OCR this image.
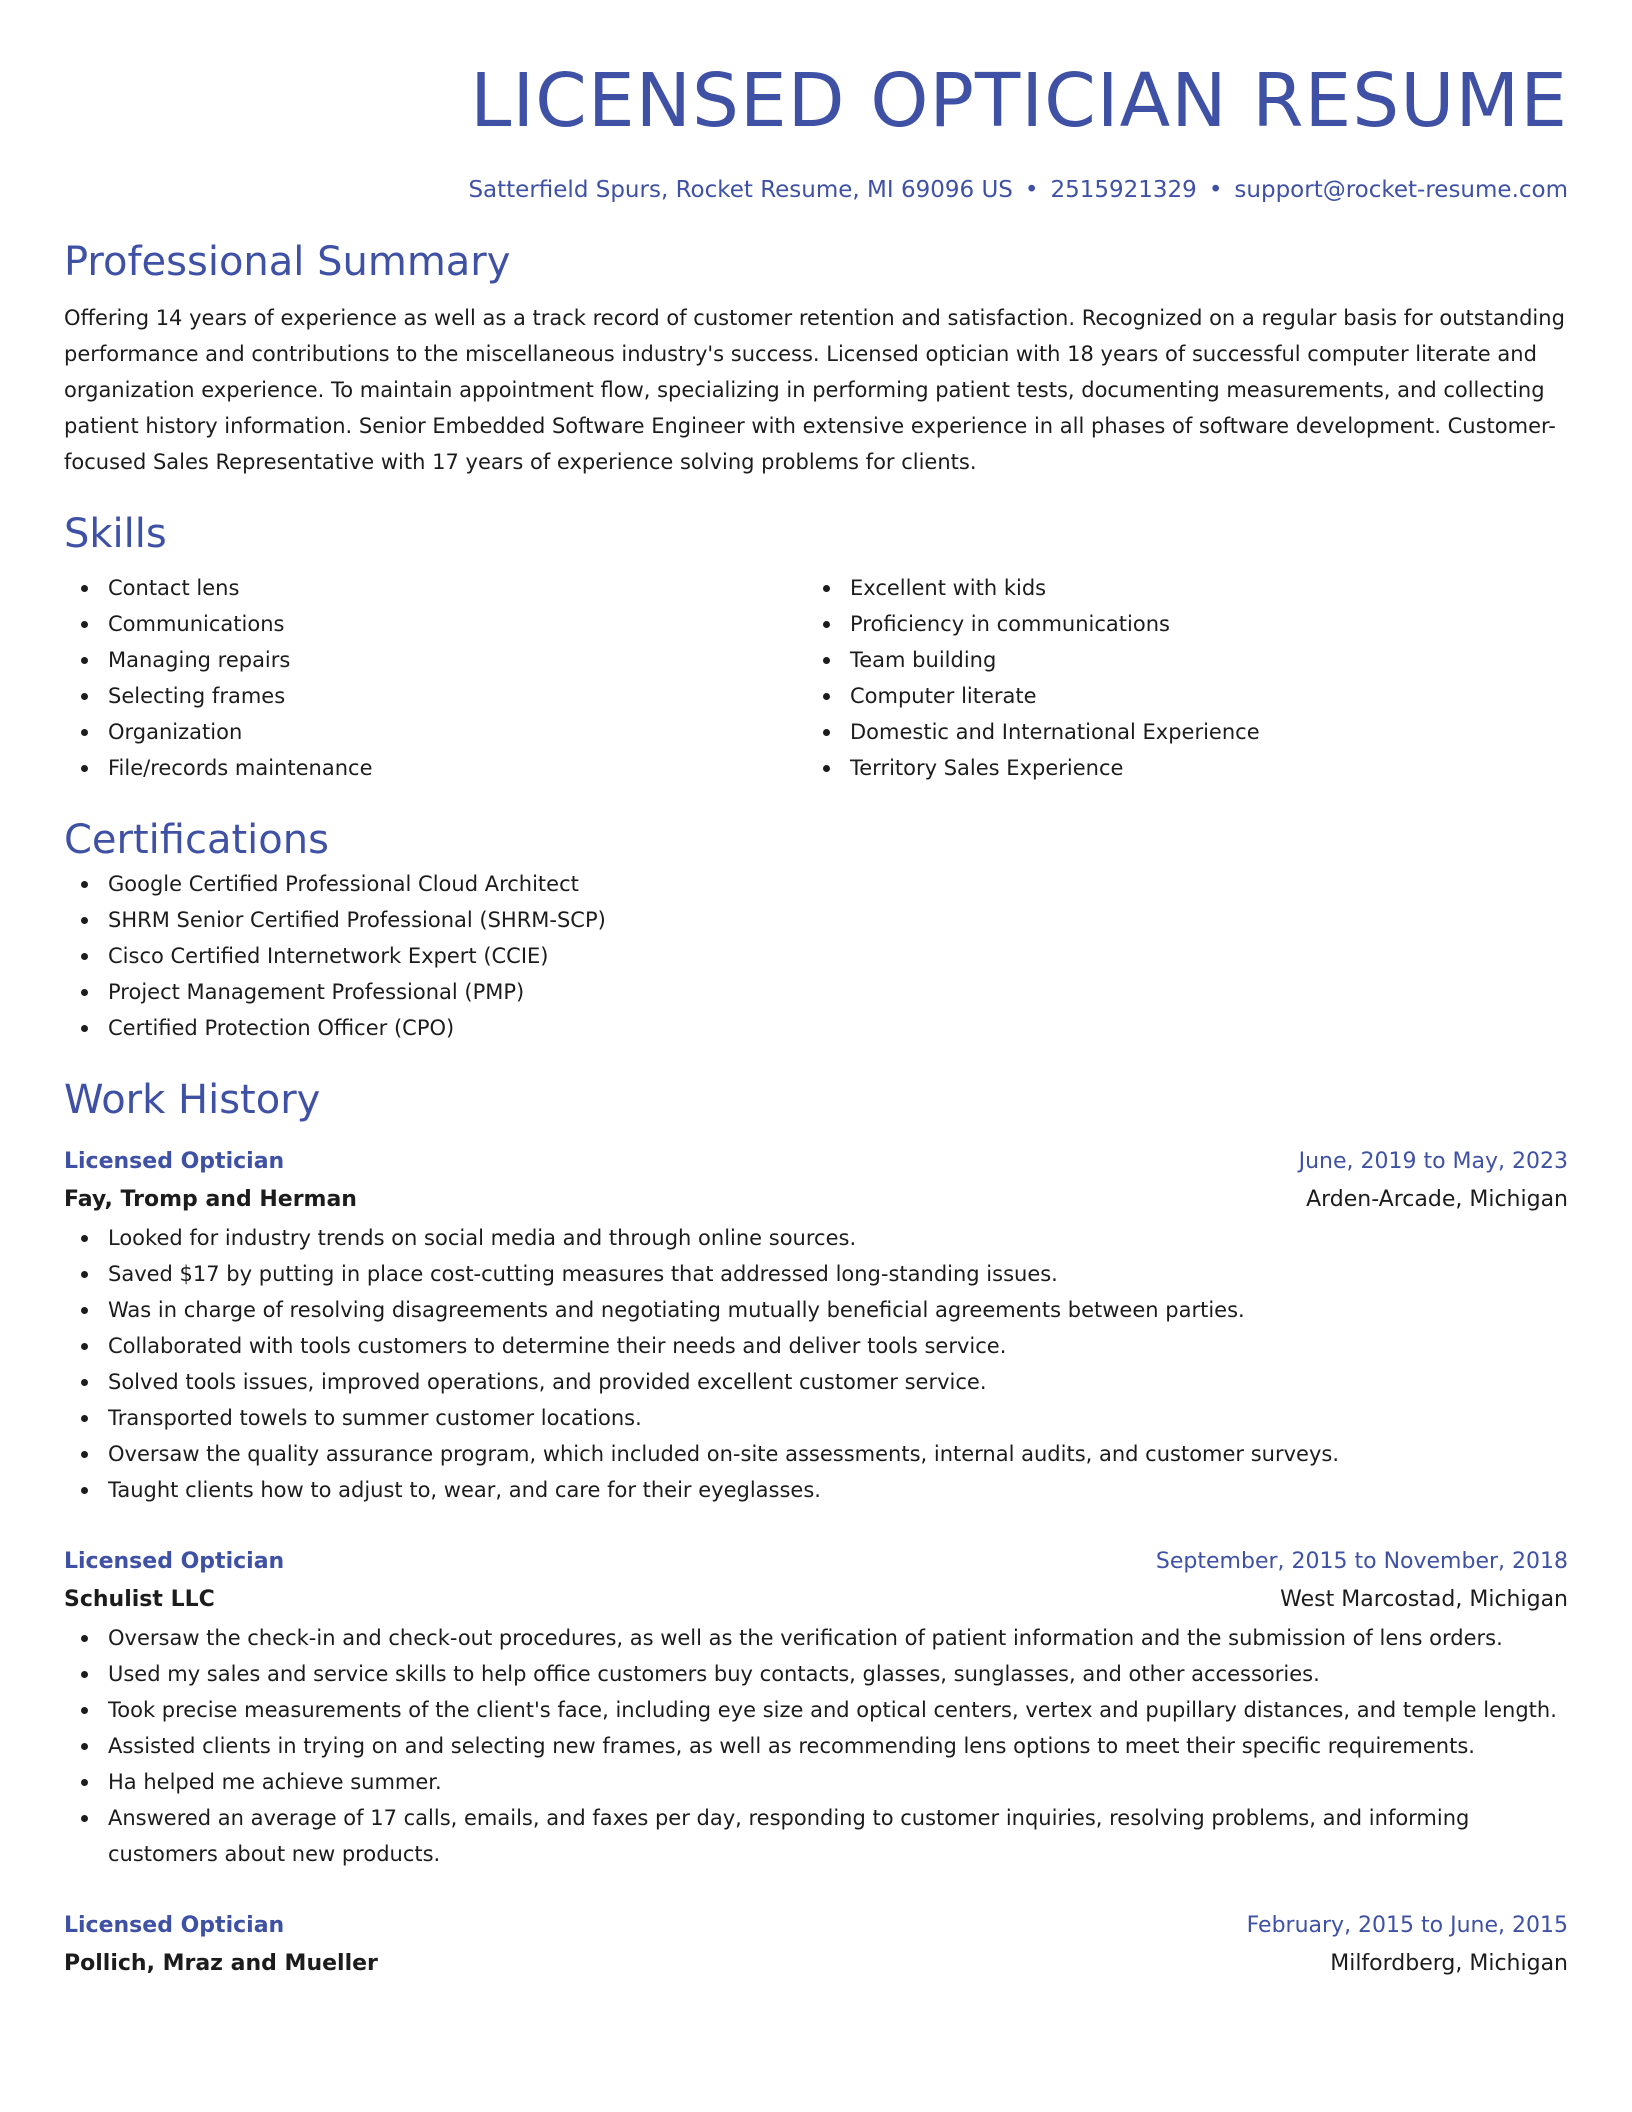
LICENSED OPTICIAN RESUME
Satterfield Spurs, Rocket Resume, MI 69096 US • 2515921329 • support@rocket-resume.com
Professional Summary

Offering 14 years of experience as well as a track record of customer retention and satisfaction. Recognized on a regular basis for outstanding performance and contributions to the miscellaneous industry's success. Licensed optician with 18 years of successful computer literate and organization experience. To maintain appointment flow, specializing in performing patient tests, documenting measurements, and collecting patient history information. Senior Embedded Software Engineer with extensive experience in all phases of software development. Customer-focused Sales Representative with 17 years of experience solving problems for clients.

Skills
Contact lens
Communications
Managing repairs
Selecting frames
Organization
File/records maintenance
Excellent with kids
Proficiency in communications
Team building
Computer literate
Domestic and International Experience
Territory Sales Experience
Certifications
Google Certified Professional Cloud Architect
SHRM Senior Certified Professional (SHRM-SCP)
Cisco Certified Internetwork Expert (CCIE)
Project Management Professional (PMP)
Certified Protection Officer (CPO)
Work History
Licensed Optician	June, 2019 to May, 2023
Fay, Tromp and Herman	Arden-Arcade, Michigan
Looked for industry trends on social media and through online sources.
Saved $17 by putting in place cost-cutting measures that addressed long-standing issues.
Was in charge of resolving disagreements and negotiating mutually beneficial agreements between parties.
Collaborated with tools customers to determine their needs and deliver tools service.
Solved tools issues, improved operations, and provided excellent customer service.
Transported towels to summer customer locations.
Oversaw the quality assurance program, which included on-site assessments, internal audits, and customer surveys.
Taught clients how to adjust to, wear, and care for their eyeglasses.
Licensed Optician	September, 2015 to November, 2018
Schulist LLC	West Marcostad, Michigan
Oversaw the check-in and check-out procedures, as well as the verification of patient information and the submission of lens orders.
Used my sales and service skills to help office customers buy contacts, glasses, sunglasses, and other accessories.
Took precise measurements of the client's face, including eye size and optical centers, vertex and pupillary distances, and temple length.
Assisted clients in trying on and selecting new frames, as well as recommending lens options to meet their specific requirements.
Ha helped me achieve summer.
Answered an average of 17 calls, emails, and faxes per day, responding to customer inquiries, resolving problems, and informing customers about new products.
Licensed Optician	February, 2015 to June, 2015
Pollich, Mraz and Mueller	Milfordberg, Michigan
